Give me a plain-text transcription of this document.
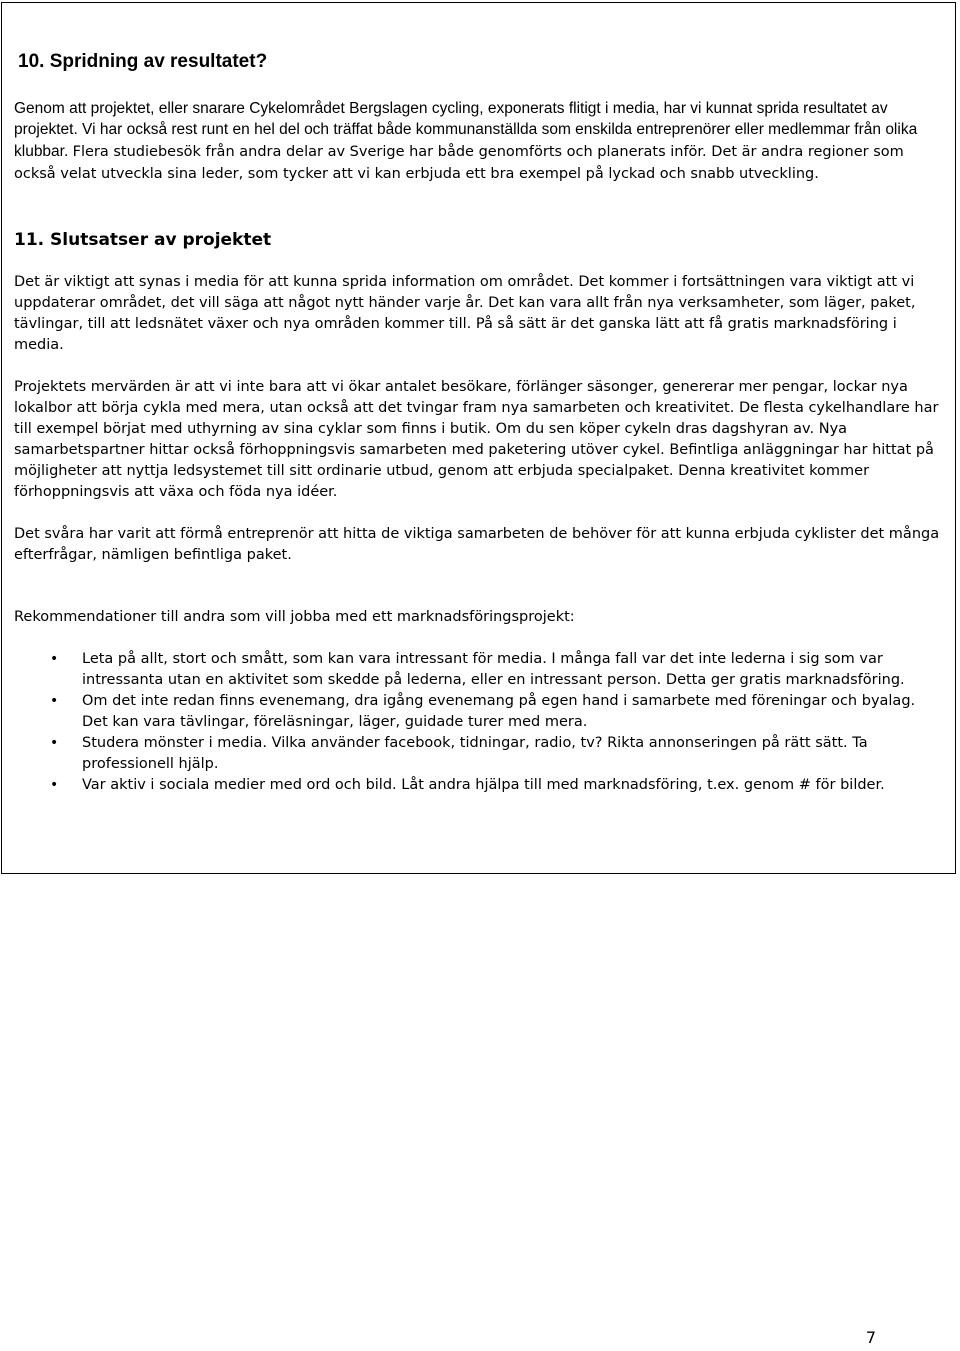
10. Spridning av resultatet?

Genom att projektet, eller snarare Cykelområdet Bergslagen cycling, exponerats flitigt i media, har vi kunnat sprida resultatet av projektet. Vi har också rest runt en hel del och träffat både kommunanställda som enskilda entreprenörer eller medlemmar från olika klubbar. Flera studiebesök från andra delar av Sverige har både genomförts och planerats inför. Det är andra regioner som också velat utveckla sina leder, som tycker att vi kan erbjuda ett bra exempel på lyckad och snabb utveckling.

11. Slutsatser av projektet

Det är viktigt att synas i media för att kunna sprida information om området. Det kommer i fortsättningen vara viktigt att vi uppdaterar området, det vill säga att något nytt händer varje år. Det kan vara allt från nya verksamheter, som läger, paket, tävlingar, till att ledsnätet växer och nya områden kommer till. På så sätt är det ganska lätt att få gratis marknadsföring i media.

Projektets mervärden är att vi inte bara att vi ökar antalet besökare, förlänger säsonger, genererar mer pengar, lockar nya lokalbor att börja cykla med mera, utan också att det tvingar fram nya samarbeten och kreativitet. De flesta cykelhandlare har till exempel börjat med uthyrning av sina cyklar som finns i butik. Om du sen köper cykeln dras dagshyran av. Nya samarbetspartner hittar också förhoppningsvis samarbeten med paketering utöver cykel. Befintliga anläggningar har hittat på möjligheter att nyttja ledsystemet till sitt ordinarie utbud, genom att erbjuda specialpaket. Denna kreativitet kommer förhoppningsvis att växa och föda nya idéer.

Det svåra har varit att förmå entreprenör att hitta de viktiga samarbeten de behöver för att kunna erbjuda cyklister det många efterfrågar, nämligen befintliga paket.

Rekommendationer till andra som vill jobba med ett marknadsföringsprojekt:

• Leta på allt, stort och smått, som kan vara intressant för media. I många fall var det inte lederna i sig som var intressanta utan en aktivitet som skedde på lederna, eller en intressant person. Detta ger gratis marknadsföring.
• Om det inte redan finns evenemang, dra igång evenemang på egen hand i samarbete med föreningar och byalag. Det kan vara tävlingar, föreläsningar, läger, guidade turer med mera.
• Studera mönster i media. Vilka använder facebook, tidningar, radio, tv? Rikta annonseringen på rätt sätt. Ta professionell hjälp.
• Var aktiv i sociala medier med ord och bild. Låt andra hjälpa till med marknadsföring, t.ex. genom # för bilder.
7
